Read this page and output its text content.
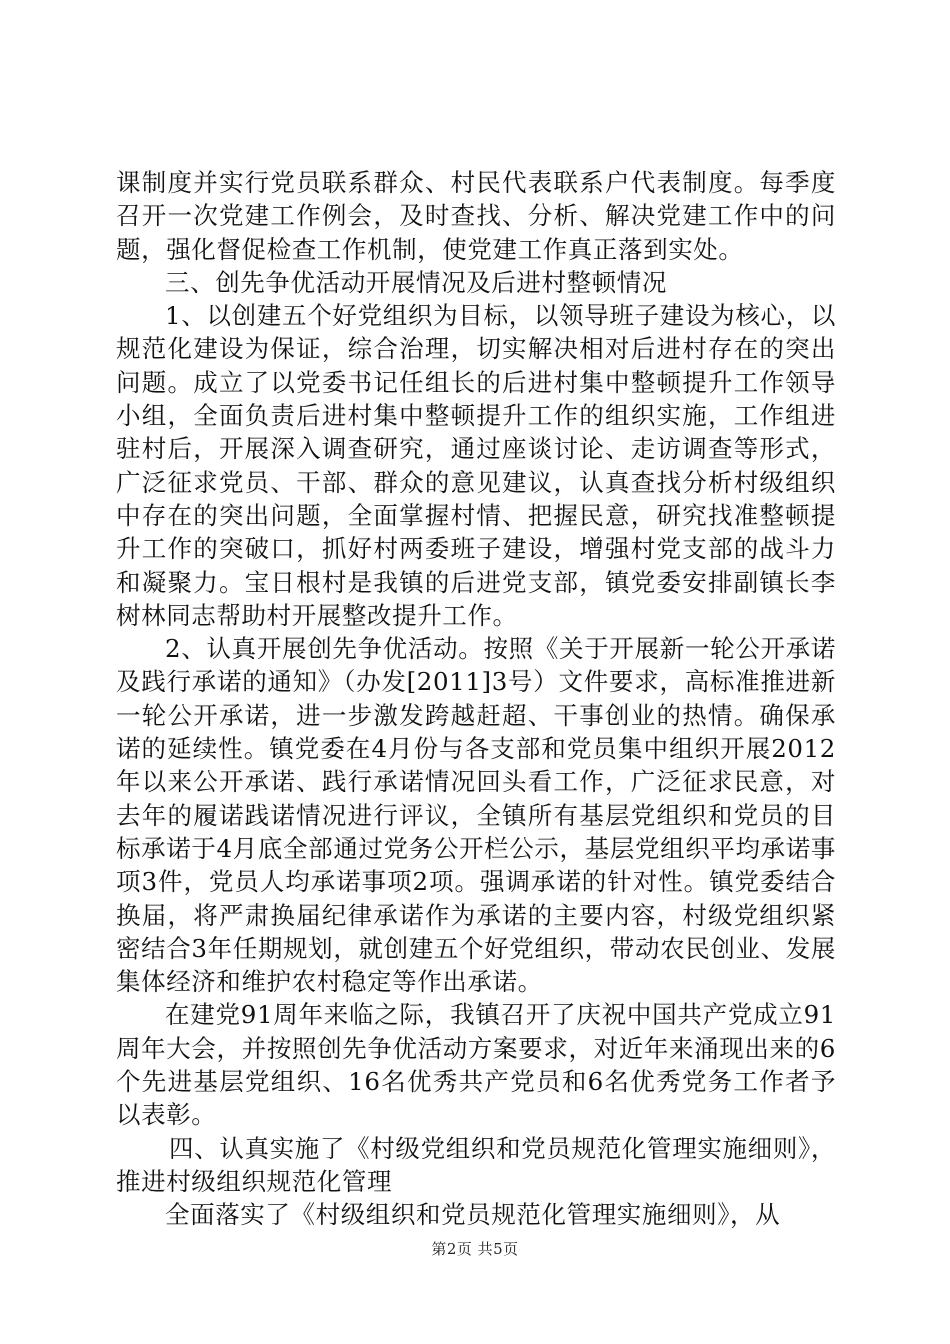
课制度并实行党员联系群众、村民代表联系户代表制度。每季度召开一次党建工作例会，及时查找、分析、解决党建工作中的问题，强化督促检查工作机制，使党建工作真正落到实处。

三、创先争优活动开展情况及后进村整顿情况

1、以创建五个好党组织为目标，以领导班子建设为核心，以规范化建设为保证，综合治理，切实解决相对后进村存在的突出问题。成立了以党委书记任组长的后进村集中整顿提升工作领导小组，全面负责后进村集中整顿提升工作的组织实施，工作组进驻村后，开展深入调查研究，通过座谈讨论、走访调查等形式，广泛征求党员、干部、群众的意见建议，认真查找分析村级组织中存在的突出问题，全面掌握村情、把握民意，研究找准整顿提升工作的突破口，抓好村两委班子建设，增强村党支部的战斗力和凝聚力。宝日根村是我镇的后进党支部，镇党委安排副镇长李树林同志帮助村开展整改提升工作。

2、认真开展创先争优活动。按照《关于开展新一轮公开承诺及践行承诺的通知》（办发[2011]3号）文件要求，高标准推进新一轮公开承诺，进一步激发跨越赶超、干事创业的热情。确保承诺的延续性。镇党委在4月份与各支部和党员集中组织开展2012年以来公开承诺、践行承诺情况回头看工作，广泛征求民意，对去年的履诺践诺情况进行评议，全镇所有基层党组织和党员的目标承诺于4月底全部通过党务公开栏公示，基层党组织平均承诺事项3件，党员人均承诺事项2项。强调承诺的针对性。镇党委结合换届，将严肃换届纪律承诺作为承诺的主要内容，村级党组织紧密结合3年任期规划，就创建五个好党组织，带动农民创业、发展集体经济和维护农村稳定等作出承诺。

在建党91周年来临之际，我镇召开了庆祝中国共产党成立91周年大会，并按照创先争优活动方案要求，对近年来涌现出来的6个先进基层党组织、16名优秀共产党员和6名优秀党务工作者予以表彰。

四、认真实施了《村级党组织和党员规范化管理实施细则》，推进村级组织规范化管理

全面落实了《村级组织和党员规范化管理实施细则》，从

第2页 共5页
